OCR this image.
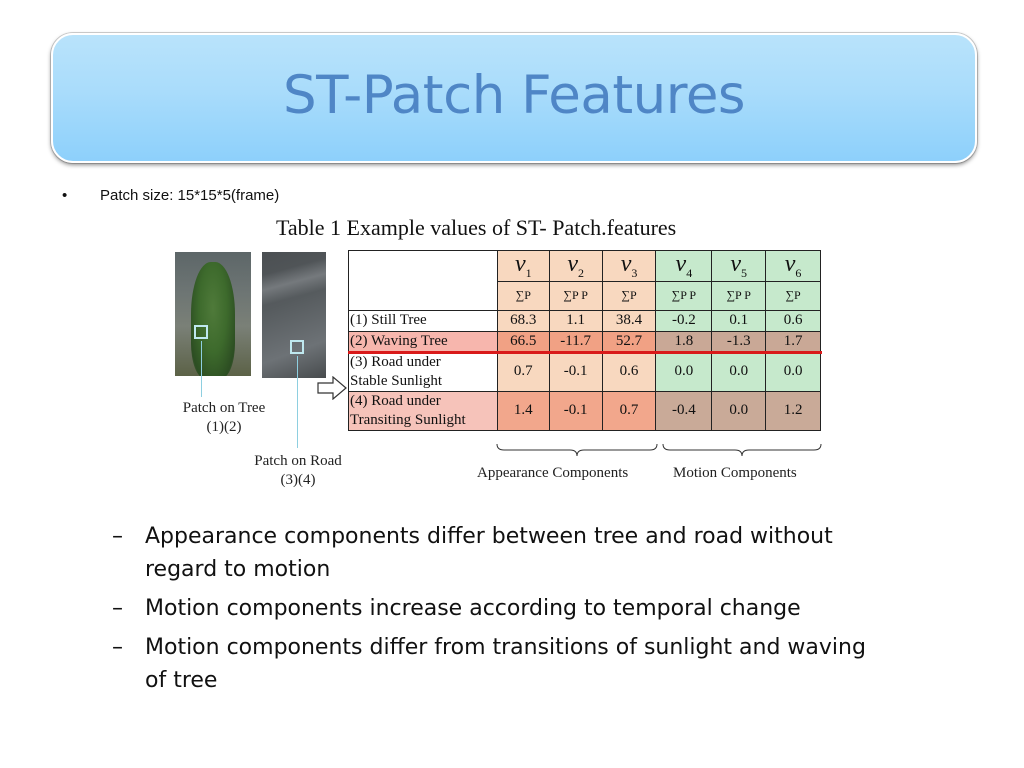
ST-Patch Features
• Patch size: 15*15*5(frame)
Table 1 Example values of ST- Patch.features
Patch on Tree
(1)(2)
Patch on Road
(3)(4)
	$v_1$	$v_2$	$v_3$	$v_4$	$v_5$	$v_6$
	∑P	∑P P	∑P	∑P P	∑P P	∑P
(1) Still Tree	68.3	1.1	38.4	-0.2	0.1	0.6
(2) Waving Tree	66.5	-11.7	52.7	1.8	-1.3	1.7

(3) Road under
Stable Sunlight	0.7	-0.1	0.6	0.0	0.0	0.0

(4) Road under
Transiting Sunlight	1.4	-0.1	0.7	-0.4	0.0	1.2
Appearance Components	Motion Components
– Appearance components differ between tree and road without regard to motion
– Motion components increase according to temporal change
– Motion components differ from transitions of sunlight and waving of tree
